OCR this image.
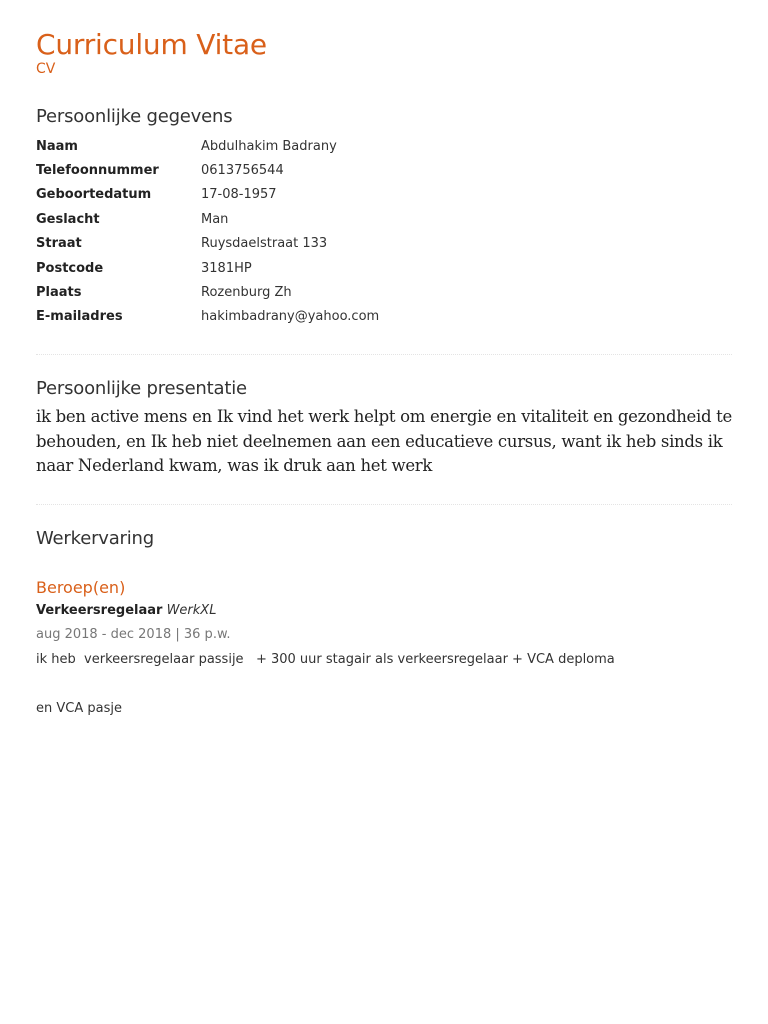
Curriculum Vitae
CV
Persoonlijke gegevens
Naam	Abdulhakim Badrany
Telefoonnummer	0613756544
Geboortedatum	17-08-1957
Geslacht	Man
Straat	Ruysdaelstraat 133
Postcode	3181HP
Plaats	Rozenburg Zh
E-mailadres	hakimbadrany@yahoo.com
Persoonlijke presentatie
ik ben active mens en Ik vind het werk helpt om energie en vitaliteit en gezondheid te behouden, en Ik heb niet deelnemen aan een educatieve cursus, want ik heb sinds ik naar Nederland kwam, was ik druk aan het werk
Werkervaring
Beroep(en)
Verkeersregelaar WerkXL
aug 2018 - dec 2018 | 36 p.w.
ik heb  verkeersregelaar passije   + 300 uur stagair als verkeersregelaar + VCA deploma
en VCA pasje
